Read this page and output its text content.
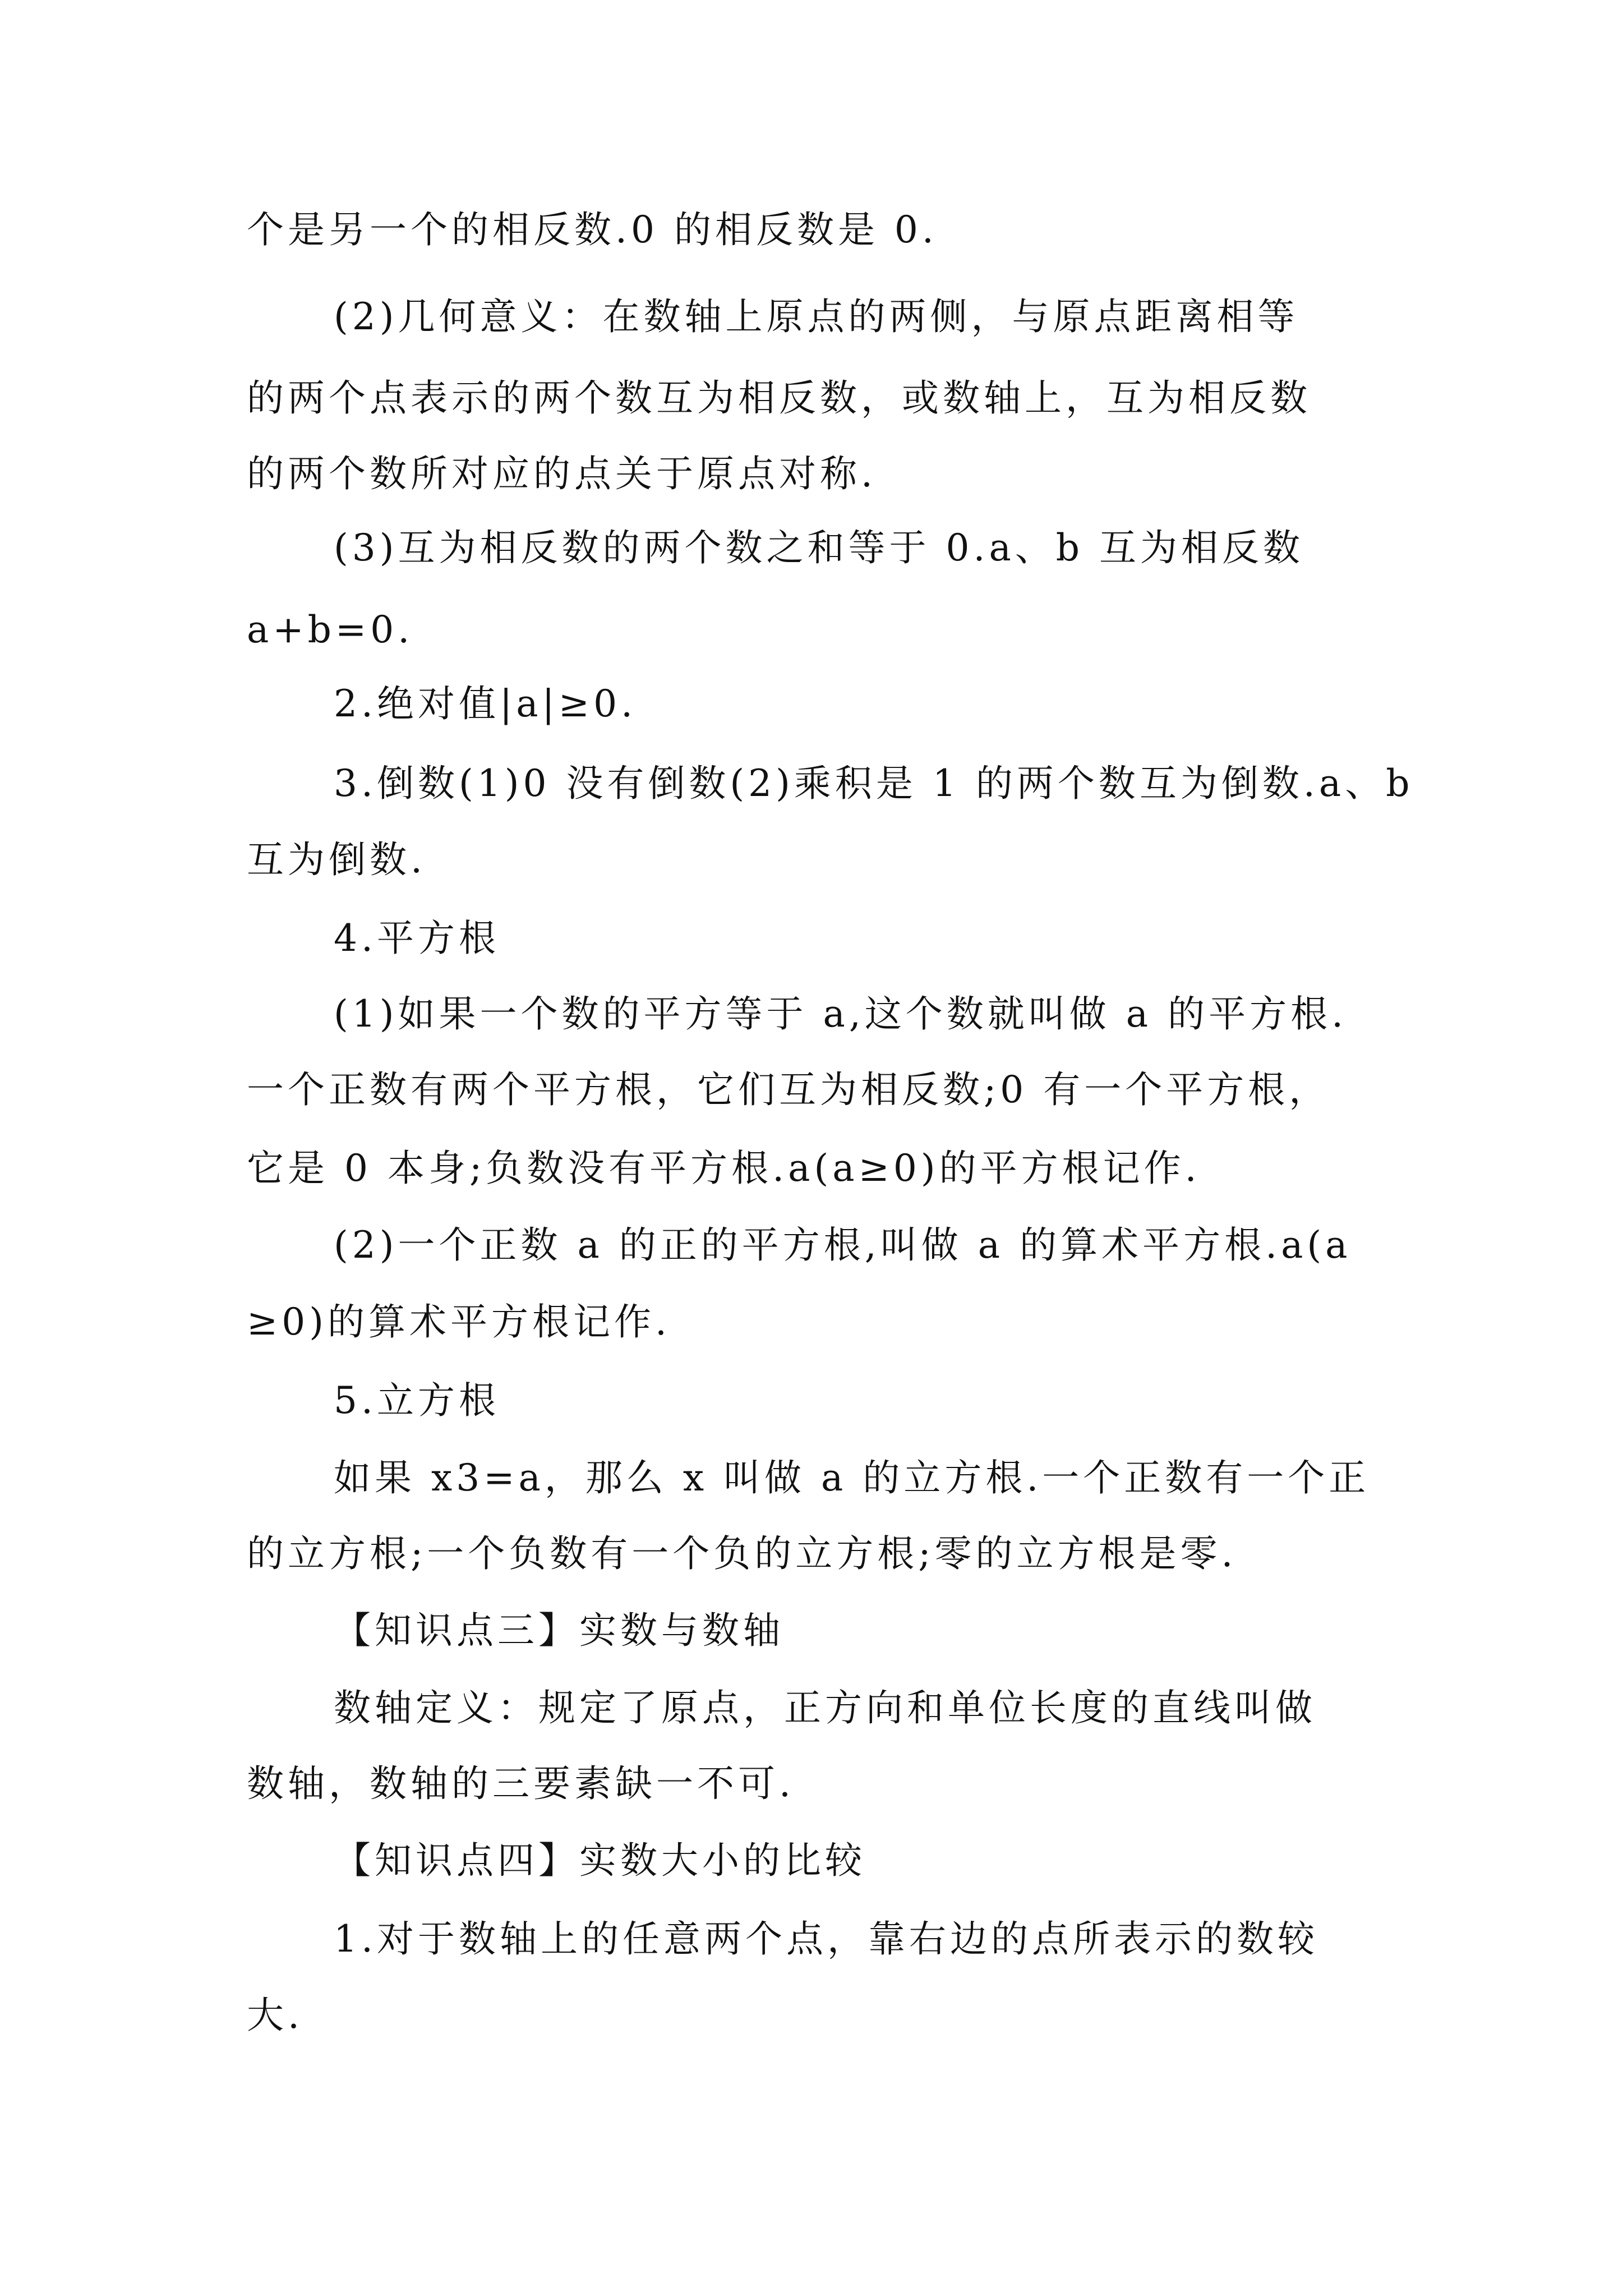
个是另一个的相反数.0 的相反数是 0.
(2)几何意义：在数轴上原点的两侧，与原点距离相等
的两个点表示的两个数互为相反数，或数轴上，互为相反数
的两个数所对应的点关于原点对称.
(3)互为相反数的两个数之和等于 0.a、b 互为相反数
a+b=0.
2.绝对值|a|≥0.
3.倒数(1)0 没有倒数(2)乘积是 1 的两个数互为倒数.a、b
互为倒数.
4.平方根
(1)如果一个数的平方等于 a,这个数就叫做 a 的平方根.
一个正数有两个平方根，它们互为相反数;0 有一个平方根，
它是 0 本身;负数没有平方根.a(a≥0)的平方根记作.
(2)一个正数 a 的正的平方根,叫做 a 的算术平方根.a(a
≥0)的算术平方根记作.
5.立方根
如果 x3=a，那么 x 叫做 a 的立方根.一个正数有一个正
的立方根;一个负数有一个负的立方根;零的立方根是零.
【知识点三】实数与数轴
数轴定义：规定了原点，正方向和单位长度的直线叫做
数轴，数轴的三要素缺一不可.
【知识点四】实数大小的比较
1.对于数轴上的任意两个点，靠右边的点所表示的数较
大.
